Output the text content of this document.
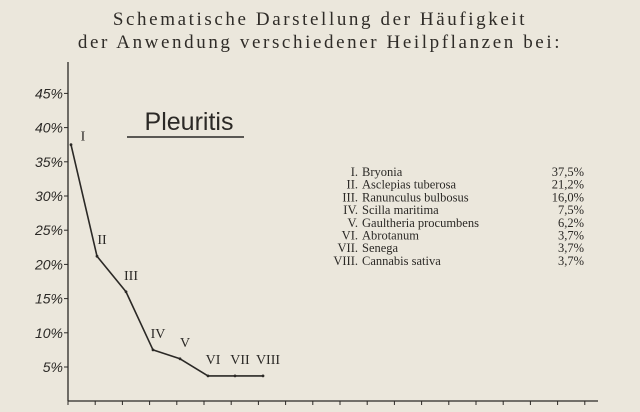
Schematische Darstellung der Häufigkeit
der Anwendung verschiedener Heilpflanzen bei:
5%
10%
15%
20%
25%
30%
35%
40%
45%
Pleuritis
I
II
III
IV
V
VI VII VIII
I. Bryonia	37,5%
II. Asclepias tuberosa	21,2%
III. Ranunculus bulbosus	16,0%
IV. Scilla maritima	7,5%
V. Gaultheria procumbens	6,2%
VI. Abrotanum	3,7%
VII. Senega	3,7%
VIII. Cannabis sativa	3,7%
